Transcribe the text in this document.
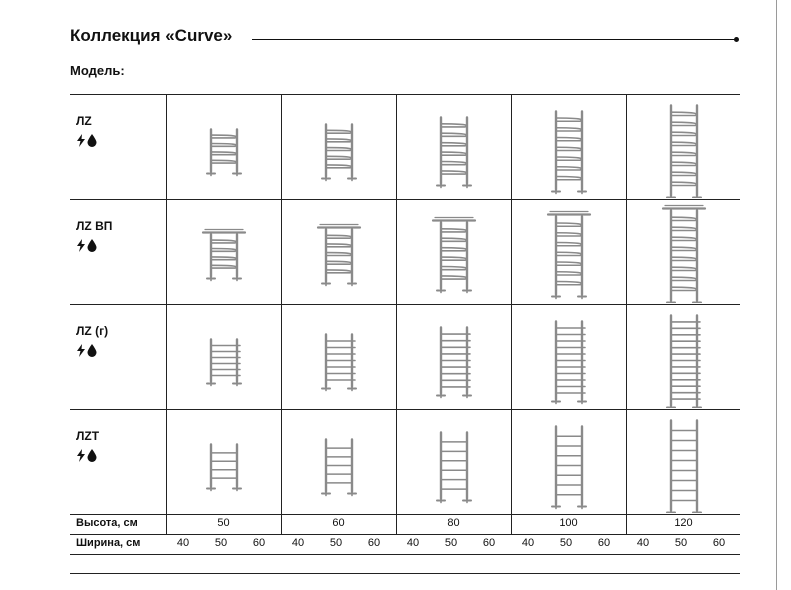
Коллекция «Curve»
Модель:
ЛZ
ЛZ ВП
ЛZ (г)
ЛZT
Высота, см	50	60	80	100	120
Ширина, см	40	50	60	40	50	60	40	50	60	40	50	60	40	50	60
